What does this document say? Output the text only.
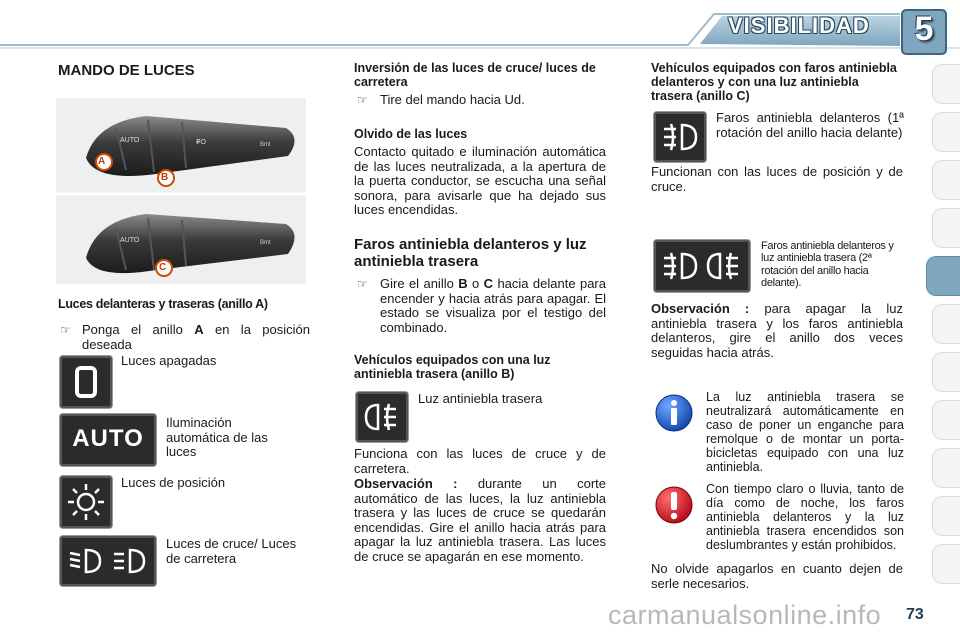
VISIBILIDAD	5
MANDO DE LUCES
AUTO	₽O	Bmt
AUTO	Bmt
A
B
C
Luces delanteras y traseras (anillo A)
☞ Ponga el anillo A en la posición deseada
Luces apagadas
AUTO
Iluminación automática de las luces
Luces de posición
Luces de cruce/ Luces de carretera
Inversión de las luces de cruce/ luces de carretera
☞ Tire del mando hacia Ud.
Olvido de las luces
Contacto quitado e iluminación automática de las luces neutralizada, a la apertura de la puerta conductor, se escucha una señal sonora, para avisarle que ha dejado sus luces encendidas.
Faros antiniebla delanteros y luz antiniebla trasera
☞ Gire el anillo B o C hacia delante para encender y hacia atrás para apagar. El estado se visualiza por el testigo del combinado.
Vehículos equipados con una luz antiniebla trasera (anillo B)
Luz antiniebla trasera
Funciona con las luces de cruce y de carretera.
Observación : durante un corte automático de las luces, la luz antiniebla trasera y las luces de cruce se quedarán encendidas. Gire el anillo hacia atrás para apagar la luz antiniebla trasera. Las luces de cruce se apagarán en ese momento.
Vehículos equipados con faros antiniebla delanteros y con una luz antiniebla trasera (anillo C)
Faros antiniebla delanteros (1ª rotación del anillo hacia delante)
Funcionan con las luces de posición y de cruce.
Faros antiniebla delanteros y luz antiniebla trasera (2ª rotación del anillo hacia delante).
Observación : para apagar la luz antiniebla trasera y los faros antiniebla delanteros, gire el anillo dos veces seguidas hacia atrás.
La luz antiniebla trasera se neutralizará automáticamente en caso de poner un enganche para remolque o de montar un porta-bicicletas equipado con una luz antiniebla.
Con tiempo claro o lluvia, tanto de día como de noche, los faros antiniebla delanteros y la luz antiniebla trasera encendidos son deslumbrantes y están prohibidos.
No olvide apagarlos en cuanto dejen de serle necesarios.
carmanualsonline.info 73
